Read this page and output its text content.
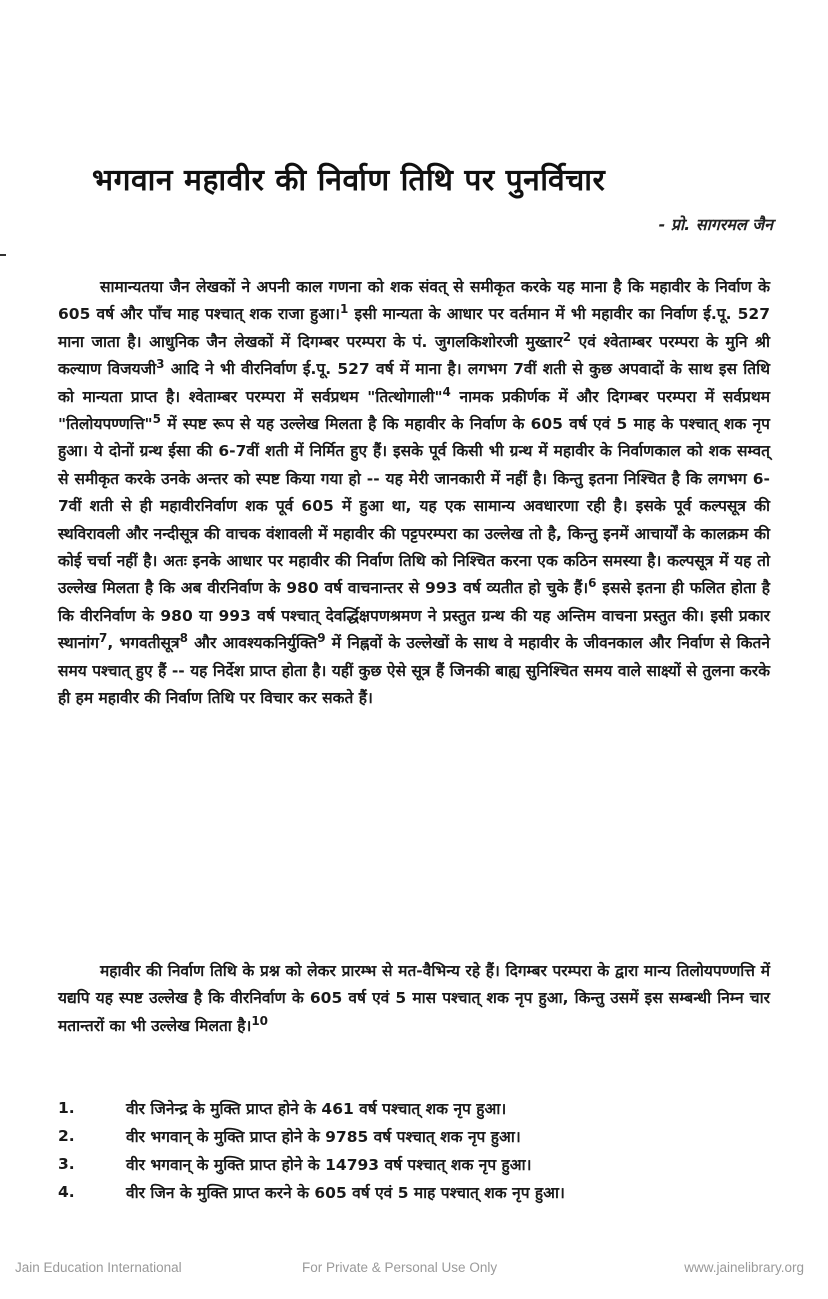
भगवान महावीर की निर्वाण तिथि पर पुनर्विचार
- प्रो. सागरमल जैन
सामान्यतया जैन लेखकों ने अपनी काल गणना को शक संवत् से समीकृत करके यह माना है कि महावीर के निर्वाण के 605 वर्ष और पाँच माह पश्चात् शक राजा हुआ।$^1$ इसी मान्यता के आधार पर वर्तमान में भी महावीर का निर्वाण ई.पू. 527 माना जाता है। आधुनिक जैन लेखकों में दिगम्बर परम्परा के पं. जुगलकिशोरजी मुख्तार$^2$ एवं श्वेताम्बर परम्परा के मुनि श्री कल्याण विजयजी$^3$ आदि ने भी वीरनिर्वाण ई.पू. 527 वर्ष में माना है। लगभग 7वीं शती से कुछ अपवादों के साथ इस तिथि को मान्यता प्राप्त है। श्वेताम्बर परम्परा में सर्वप्रथम "तित्थोगाली"$^4$ नामक प्रकीर्णक में और दिगम्बर परम्परा में सर्वप्रथम "तिलोयपण्णत्ति"$^5$ में स्पष्ट रूप से यह उल्लेख मिलता है कि महावीर के निर्वाण के 605 वर्ष एवं 5 माह के पश्चात् शक नृप हुआ। ये दोनों ग्रन्थ ईसा की 6-7वीं शती में निर्मित हुए हैं। इसके पूर्व किसी भी ग्रन्थ में महावीर के निर्वाणकाल को शक सम्वत् से समीकृत करके उनके अन्तर को स्पष्ट किया गया हो -- यह मेरी जानकारी में नहीं है। किन्तु इतना निश्चित है कि लगभग 6-7वीं शती से ही महावीरनिर्वाण शक पूर्व 605 में हुआ था, यह एक सामान्य अवधारणा रही है। इसके पूर्व कल्पसूत्र की स्थविरावली और नन्दीसूत्र की वाचक वंशावली में महावीर की पट्टपरम्परा का उल्लेख तो है, किन्तु इनमें आचार्यों के कालक्रम की कोई चर्चा नहीं है। अतः इनके आधार पर महावीर की निर्वाण तिथि को निश्चित करना एक कठिन समस्या है। कल्पसूत्र में यह तो उल्लेख मिलता है कि अब वीरनिर्वाण के 980 वर्ष वाचनान्तर से 993 वर्ष व्यतीत हो चुके हैं।$^6$ इससे इतना ही फलित होता है कि वीरनिर्वाण के 980 या 993 वर्ष पश्चात् देवर्द्धिक्षपणश्रमण ने प्रस्तुत ग्रन्थ की यह अन्तिम वाचना प्रस्तुत की। इसी प्रकार स्थानांग$^7$, भगवतीसूत्र$^8$ और आवश्यकनिर्युक्ति$^9$ में निह्नवों के उल्लेखों के साथ वे महावीर के जीवनकाल और निर्वाण से कितने समय पश्चात् हुए हैं -- यह निर्देश प्राप्त होता है। यहीं कुछ ऐसे सूत्र हैं जिनकी बाह्य सुनिश्चित समय वाले साक्ष्यों से तुलना करके ही हम महावीर की निर्वाण तिथि पर विचार कर सकते हैं।
महावीर की निर्वाण तिथि के प्रश्न को लेकर प्रारम्भ से मत-वैभिन्य रहे हैं। दिगम्बर परम्परा के द्वारा मान्य तिलोयपण्णत्ति में यद्यपि यह स्पष्ट उल्लेख है कि वीरनिर्वाण के 605 वर्ष एवं 5 मास पश्चात् शक नृप हुआ, किन्तु उसमें इस सम्बन्धी निम्न चार मतान्तरों का भी उल्लेख मिलता है।$^{10}$
1.	वीर जिनेन्द्र के मुक्ति प्राप्त होने के 461 वर्ष पश्चात् शक नृप हुआ।
2.	वीर भगवान् के मुक्ति प्राप्त होने के 9785 वर्ष पश्चात् शक नृप हुआ।
3.	वीर भगवान् के मुक्ति प्राप्त होने के 14793 वर्ष पश्चात् शक नृप हुआ।
4.	वीर जिन के मुक्ति प्राप्त करने के 605 वर्ष एवं 5 माह पश्चात् शक नृप हुआ।
Jain Education International	For Private & Personal Use Only	www.jainelibrary.org
